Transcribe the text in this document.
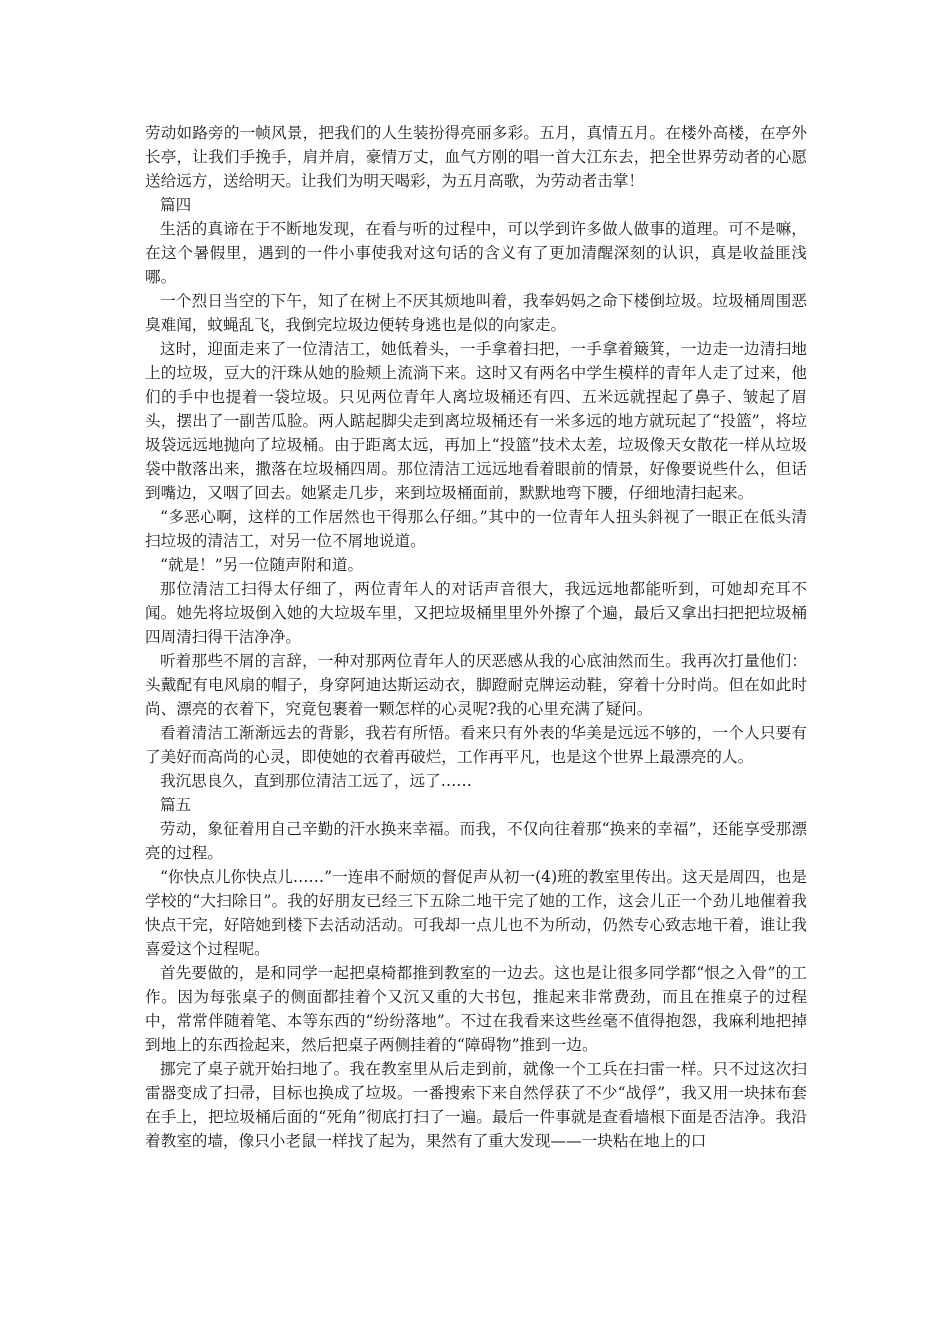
劳动如路旁的一帧风景，把我们的人生装扮得亮丽多彩。五月，真情五月。在楼外高楼，在亭外长亭，让我们手挽手，肩并肩，豪情万丈，血气方刚的唱一首大江东去，把全世界劳动者的心愿送给远方，送给明天。让我们为明天喝彩，为五月高歌，为劳动者击掌！

篇四

生活的真谛在于不断地发现，在看与听的过程中，可以学到许多做人做事的道理。可不是嘛，在这个暑假里，遇到的一件小事使我对这句话的含义有了更加清醒深刻的认识，真是收益匪浅哪。

一个烈日当空的下午，知了在树上不厌其烦地叫着，我奉妈妈之命下楼倒垃圾。垃圾桶周围恶臭难闻，蚊蝇乱飞，我倒完垃圾边便转身逃也是似的向家走。

这时，迎面走来了一位清洁工，她低着头，一手拿着扫把，一手拿着簸箕，一边走一边清扫地上的垃圾，豆大的汗珠从她的脸颊上流淌下来。这时又有两名中学生模样的青年人走了过来，他们的手中也提着一袋垃圾。只见两位青年人离垃圾桶还有四、五米远就捏起了鼻子、皱起了眉头，摆出了一副苦瓜脸。两人踮起脚尖走到离垃圾桶还有一米多远的地方就玩起了“投篮”，将垃圾袋远远地抛向了垃圾桶。由于距离太远，再加上“投篮”技术太差，垃圾像天女散花一样从垃圾袋中散落出来，撒落在垃圾桶四周。那位清洁工远远地看着眼前的情景，好像要说些什么，但话到嘴边，又咽了回去。她紧走几步，来到垃圾桶面前，默默地弯下腰，仔细地清扫起来。

“多恶心啊，这样的工作居然也干得那么仔细。”其中的一位青年人扭头斜视了一眼正在低头清扫垃圾的清洁工，对另一位不屑地说道。

“就是！”另一位随声附和道。

那位清洁工扫得太仔细了，两位青年人的对话声音很大，我远远地都能听到，可她却充耳不闻。她先将垃圾倒入她的大垃圾车里，又把垃圾桶里里外外擦了个遍，最后又拿出扫把把垃圾桶四周清扫得干洁净净。

听着那些不屑的言辞，一种对那两位青年人的厌恶感从我的心底油然而生。我再次打量他们：头戴配有电风扇的帽子，身穿阿迪达斯运动衣，脚蹬耐克牌运动鞋，穿着十分时尚。但在如此时尚、漂亮的衣着下，究竟包裹着一颗怎样的心灵呢?我的心里充满了疑问。

看着清洁工渐渐远去的背影，我若有所悟。看来只有外表的华美是远远不够的，一个人只要有了美好而高尚的心灵，即使她的衣着再破烂，工作再平凡，也是这个世界上最漂亮的人。

我沉思良久，直到那位清洁工远了，远了……

篇五

劳动，象征着用自己辛勤的汗水换来幸福。而我，不仅向往着那“换来的幸福”，还能享受那漂亮的过程。

“你快点儿你快点儿……”一连串不耐烦的督促声从初一(4)班的教室里传出。这天是周四，也是学校的“大扫除日”。我的好朋友已经三下五除二地干完了她的工作，这会儿正一个劲儿地催着我快点干完，好陪她到楼下去活动活动。可我却一点儿也不为所动，仍然专心致志地干着，谁让我喜爱这个过程呢。

首先要做的，是和同学一起把桌椅都推到教室的一边去。这也是让很多同学都“恨之入骨”的工作。因为每张桌子的侧面都挂着个又沉又重的大书包，推起来非常费劲，而且在推桌子的过程中，常常伴随着笔、本等东西的“纷纷落地”。不过在我看来这些丝毫不值得抱怨，我麻利地把掉到地上的东西捡起来，然后把桌子两侧挂着的“障碍物”推到一边。

挪完了桌子就开始扫地了。我在教室里从后走到前，就像一个工兵在扫雷一样。只不过这次扫雷器变成了扫帚，目标也换成了垃圾。一番搜索下来自然俘获了不少“战俘”，我又用一块抹布套在手上，把垃圾桶后面的“死角”彻底打扫了一遍。最后一件事就是查看墙根下面是否洁净。我沿着教室的墙，像只小老鼠一样找了起为，果然有了重大发现——一块粘在地上的口
